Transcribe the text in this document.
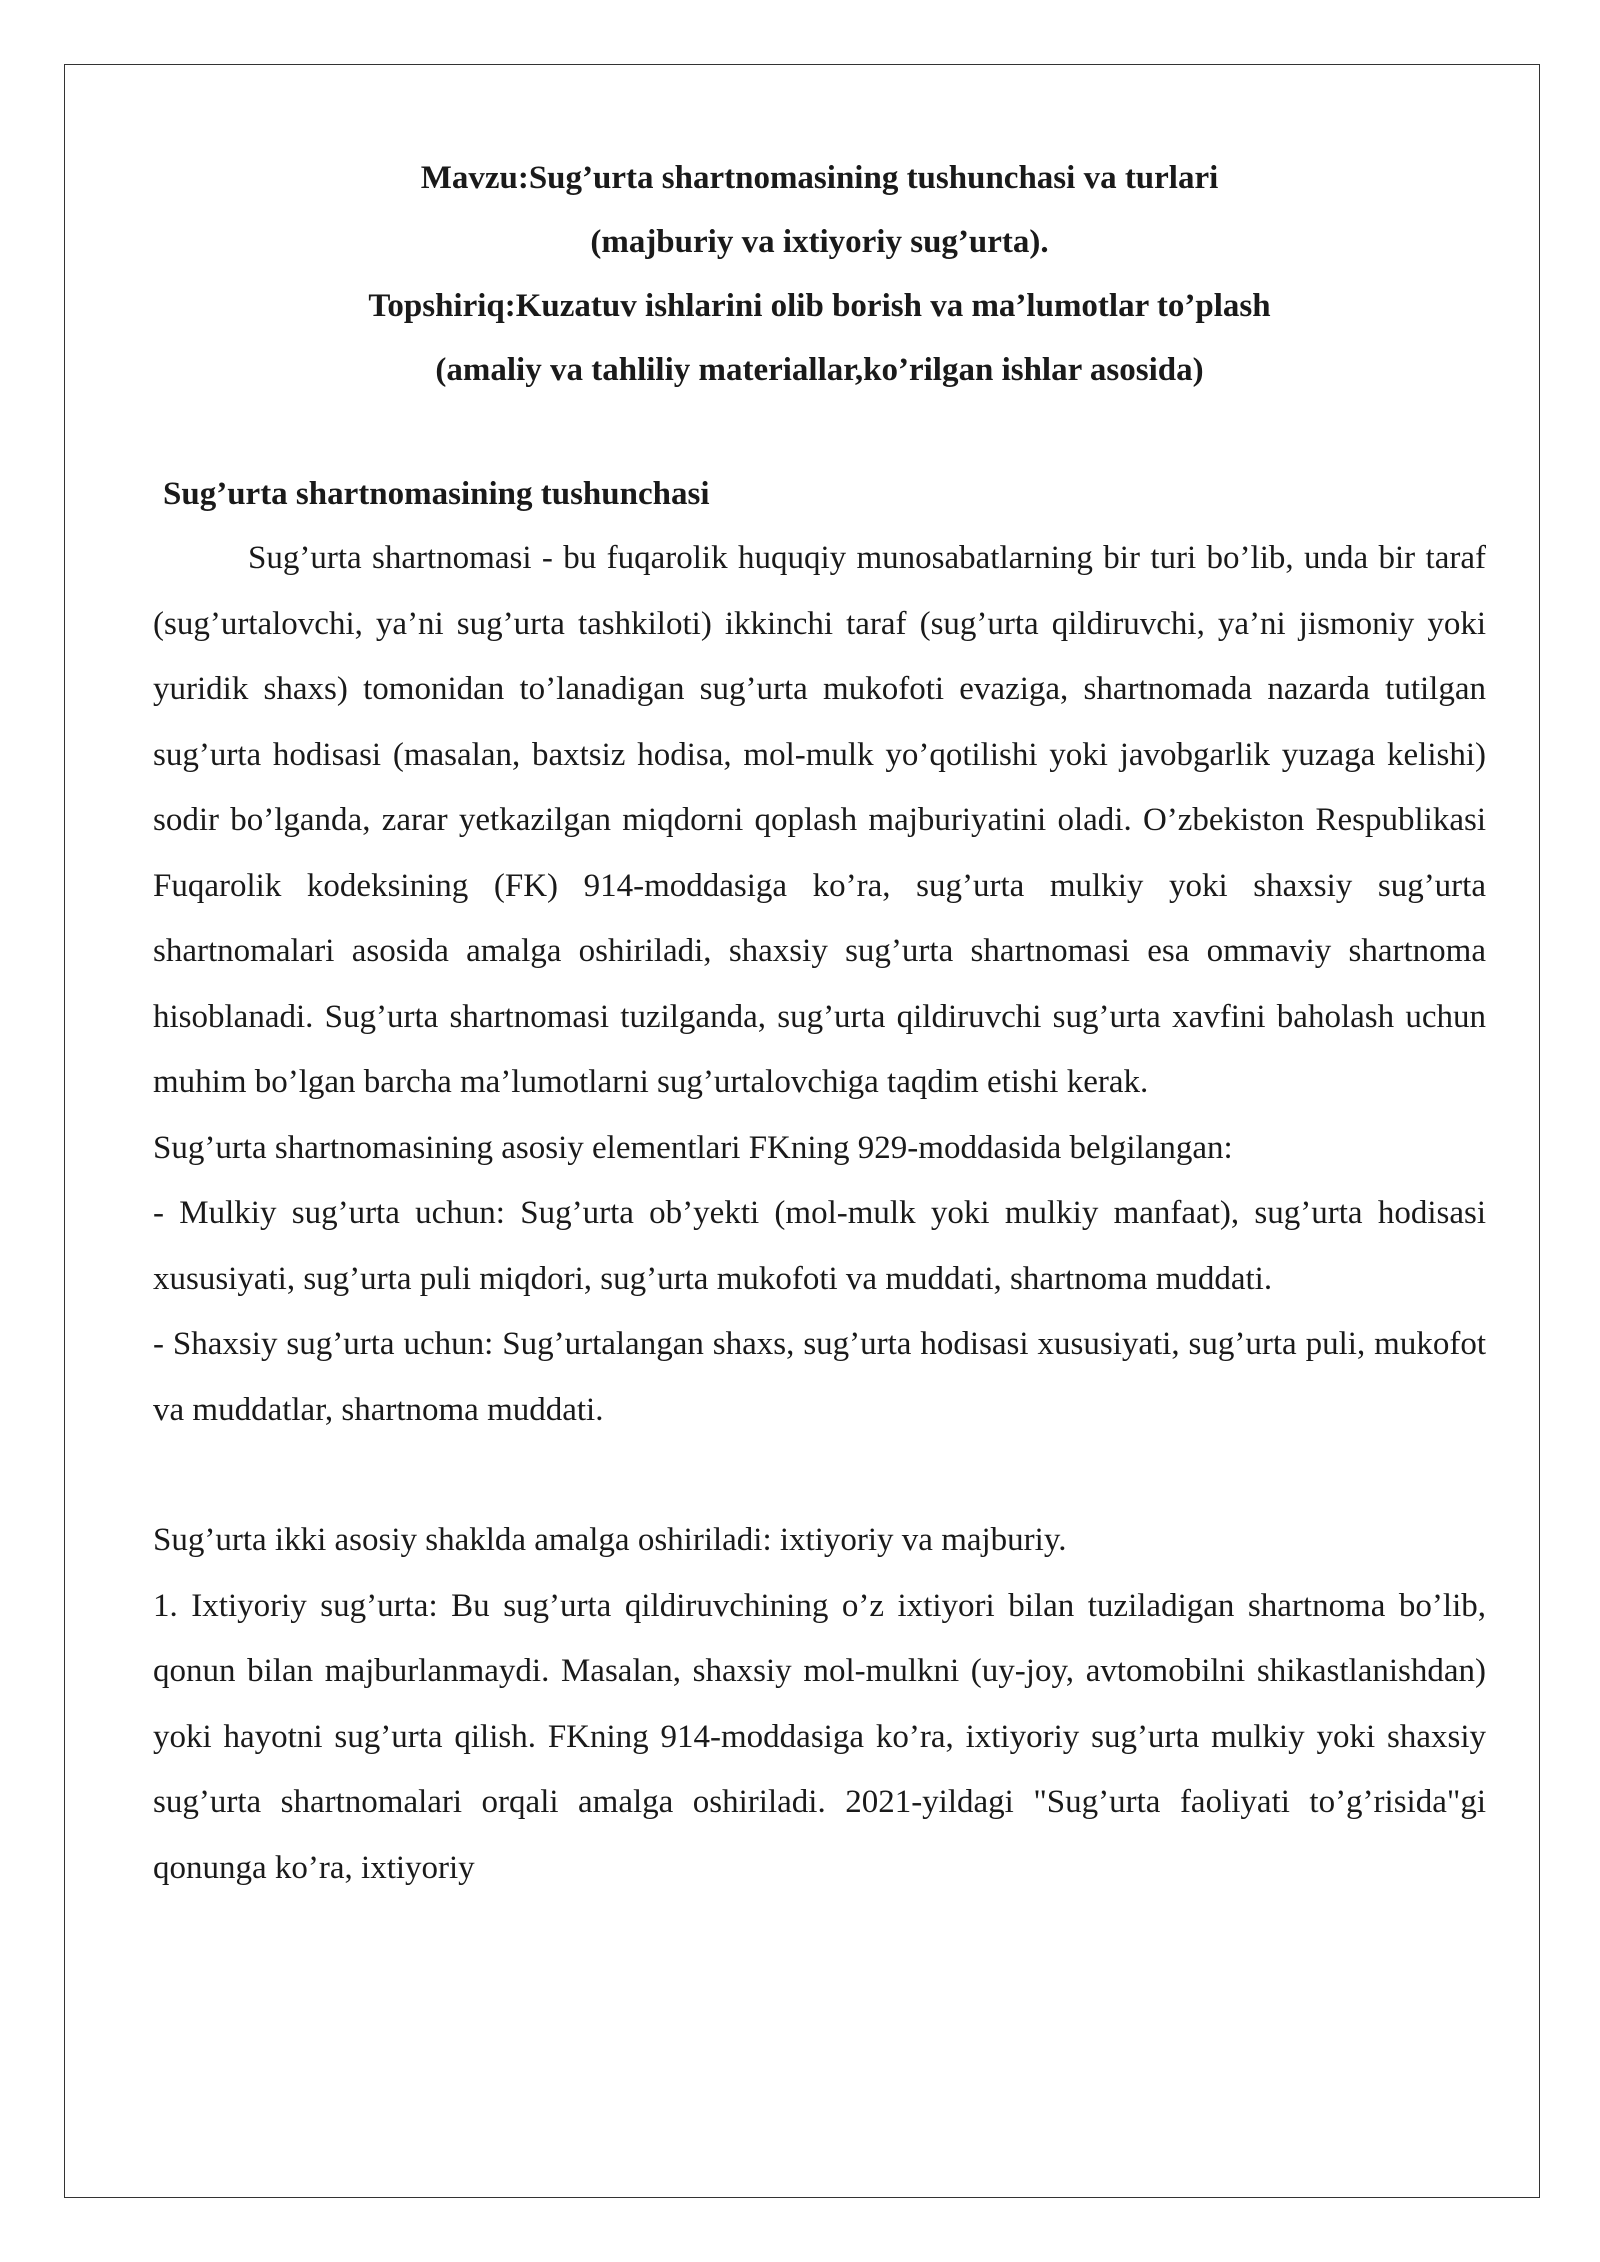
Mavzu:Sug’urta shartnomasining tushunchasi va turlari
(majburiy va ixtiyoriy sug’urta).
Topshiriq:Kuzatuv ishlarini olib borish va ma’lumotlar to’plash
(amaliy va tahliliy materiallar,ko’rilgan ishlar asosida)
Sug’urta shartnomasining tushunchasi

Sug’urta shartnomasi - bu fuqarolik huquqiy munosabatlarning bir turi bo’lib, unda bir taraf (sug’urtalovchi, ya’ni sug’urta tashkiloti) ikkinchi taraf (sug’urta qildiruvchi, ya’ni jismoniy yoki yuridik shaxs) tomonidan to’lanadigan sug’urta mukofoti evaziga, shartnomada nazarda tutilgan sug’urta hodisasi (masalan, baxtsiz hodisa, mol-mulk yo’qotilishi yoki javobgarlik yuzaga kelishi) sodir bo’lganda, zarar yetkazilgan miqdorni qoplash majburiyatini oladi. O’zbekiston Respublikasi Fuqarolik kodeksining (FK) 914-moddasiga ko’ra, sug’urta mulkiy yoki shaxsiy sug’urta shartnomalari asosida amalga oshiriladi, shaxsiy sug’urta shartnomasi esa ommaviy shartnoma hisoblanadi. Sug’urta shartnomasi tuzilganda, sug’urta qildiruvchi sug’urta xavfini baholash uchun muhim bo’lgan barcha ma’lumotlarni sug’urtalovchiga taqdim etishi kerak.

Sug’urta shartnomasining asosiy elementlari FKning 929-moddasida belgilangan:

- Mulkiy sug’urta uchun: Sug’urta ob’yekti (mol-mulk yoki mulkiy manfaat), sug’urta hodisasi xususiyati, sug’urta puli miqdori, sug’urta mukofoti va muddati, shartnoma muddati.

- Shaxsiy sug’urta uchun: Sug’urtalangan shaxs, sug’urta hodisasi xususiyati, sug’urta puli, mukofot va muddatlar, shartnoma muddati.

Sug’urta ikki asosiy shaklda amalga oshiriladi: ixtiyoriy va majburiy.

1. Ixtiyoriy sug’urta: Bu sug’urta qildiruvchining o’z ixtiyori bilan tuziladigan shartnoma bo’lib, qonun bilan majburlanmaydi. Masalan, shaxsiy mol-mulkni (uy-joy, avtomobilni shikastlanishdan) yoki hayotni sug’urta qilish. FKning 914-moddasiga ko’ra, ixtiyoriy sug’urta mulkiy yoki shaxsiy sug’urta shartnomalari orqali amalga oshiriladi. 2021-yildagi "Sug’urta faoliyati to’g’risida"gi qonunga ko’ra, ixtiyoriy
